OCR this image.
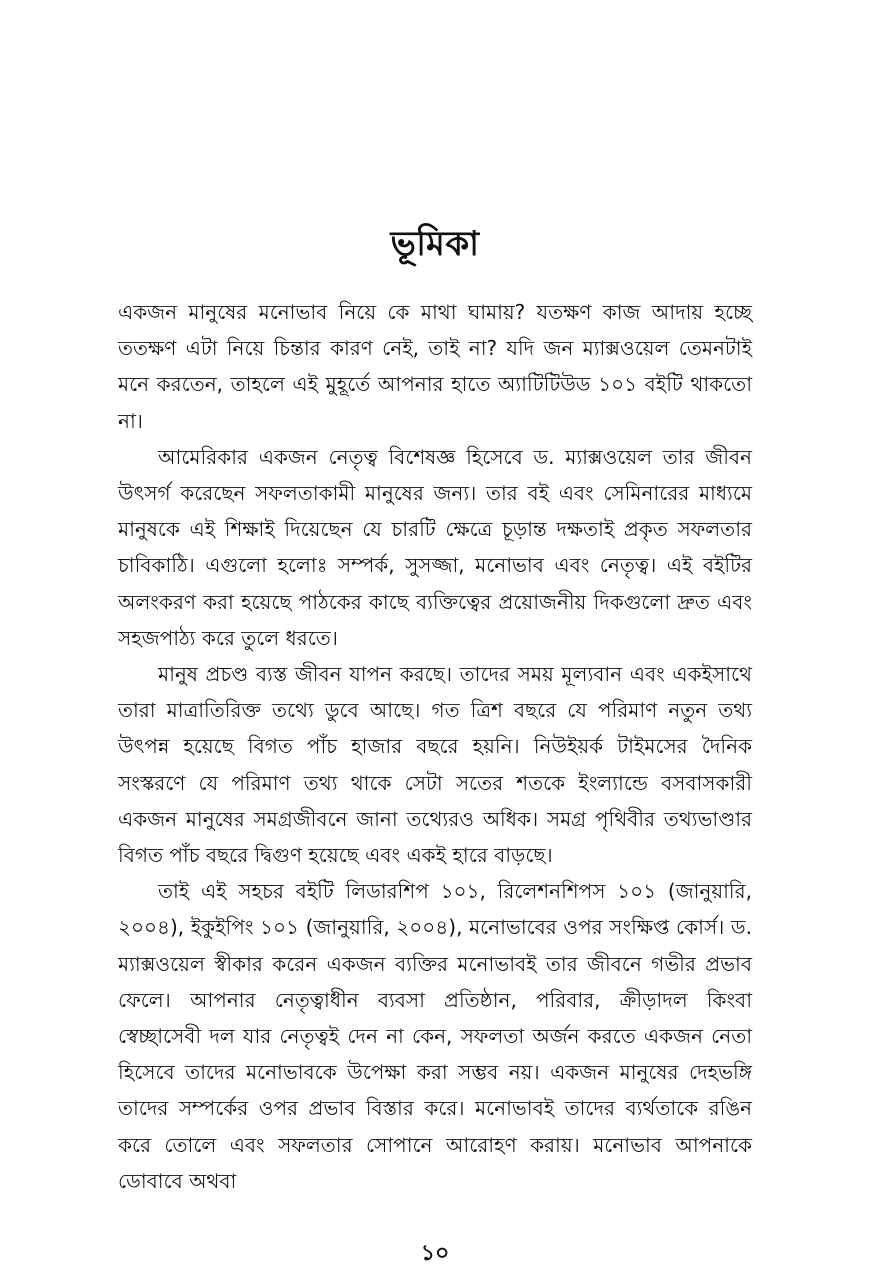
ভূমিকা

একজন মানুষের মনোভাব নিয়ে কে মাথা ঘামায়? যতক্ষণ কাজ আদায় হচ্ছে ততক্ষণ এটা নিয়ে চিন্তার কারণ নেই, তাই না? যদি জন ম্যাক্সওয়েল তেমনটাই মনে করতেন, তাহলে এই মুহূর্তে আপনার হাতে অ্যাটিটিউড ১০১ বইটি থাকতো না।

আমেরিকার একজন নেতৃত্ব বিশেষজ্ঞ হিসেবে ড. ম্যাক্সওয়েল তার জীবন উৎসর্গ করেছেন সফলতাকামী মানুষের জন্য। তার বই এবং সেমিনারের মাধ্যমে মানুষকে এই শিক্ষাই দিয়েছেন যে চারটি ক্ষেত্রে চূড়ান্ত দক্ষতাই প্রকৃত সফলতার চাবিকাঠি। এগুলো হলোঃ সম্পর্ক, সুসজ্জা, মনোভাব এবং নেতৃত্ব। এই বইটির অলংকরণ করা হয়েছে পাঠকের কাছে ব্যক্তিত্বের প্রয়োজনীয় দিকগুলো দ্রুত এবং সহজপাঠ্য করে তুলে ধরতে।

মানুষ প্রচণ্ড ব্যস্ত জীবন যাপন করছে। তাদের সময় মূল্যবান এবং একইসাথে তারা মাত্রাতিরিক্ত তথ্যে ডুবে আছে। গত ত্রিশ বছরে যে পরিমাণ নতুন তথ্য উৎপন্ন হয়েছে বিগত পাঁচ হাজার বছরে হয়নি। নিউইয়র্ক টাইমসের দৈনিক সংস্করণে যে পরিমাণ তথ্য থাকে সেটা সতের শতকে ইংল্যান্ডে বসবাসকারী একজন মানুষের সমগ্রজীবনে জানা তথ্যেরও অধিক। সমগ্র পৃথিবীর তথ্যভাণ্ডার বিগত পাঁচ বছরে দ্বিগুণ হয়েছে এবং একই হারে বাড়ছে।

তাই এই সহচর বইটি লিডারশিপ ১০১, রিলেশনশিপস ১০১ (জানুয়ারি, ২০০৪), ইকুইপিং ১০১ (জানুয়ারি, ২০০৪), মনোভাবের ওপর সংক্ষিপ্ত কোর্স। ড. ম্যাক্সওয়েল স্বীকার করেন একজন ব্যক্তির মনোভাবই তার জীবনে গভীর প্রভাব ফেলে। আপনার নেতৃত্বাধীন ব্যবসা প্রতিষ্ঠান, পরিবার, ক্রীড়াদল কিংবা স্বেচ্ছাসেবী দল যার নেতৃত্বই দেন না কেন, সফলতা অর্জন করতে একজন নেতা হিসেবে তাদের মনোভাবকে উপেক্ষা করা সম্ভব নয়। একজন মানুষের দেহভঙ্গি তাদের সম্পর্কের ওপর প্রভাব বিস্তার করে। মনোভাবই তাদের ব্যর্থতাকে রঙিন করে তোলে এবং সফলতার সোপানে আরোহণ করায়। মনোভাব আপনাকে ডোবাবে অথবা

১০
